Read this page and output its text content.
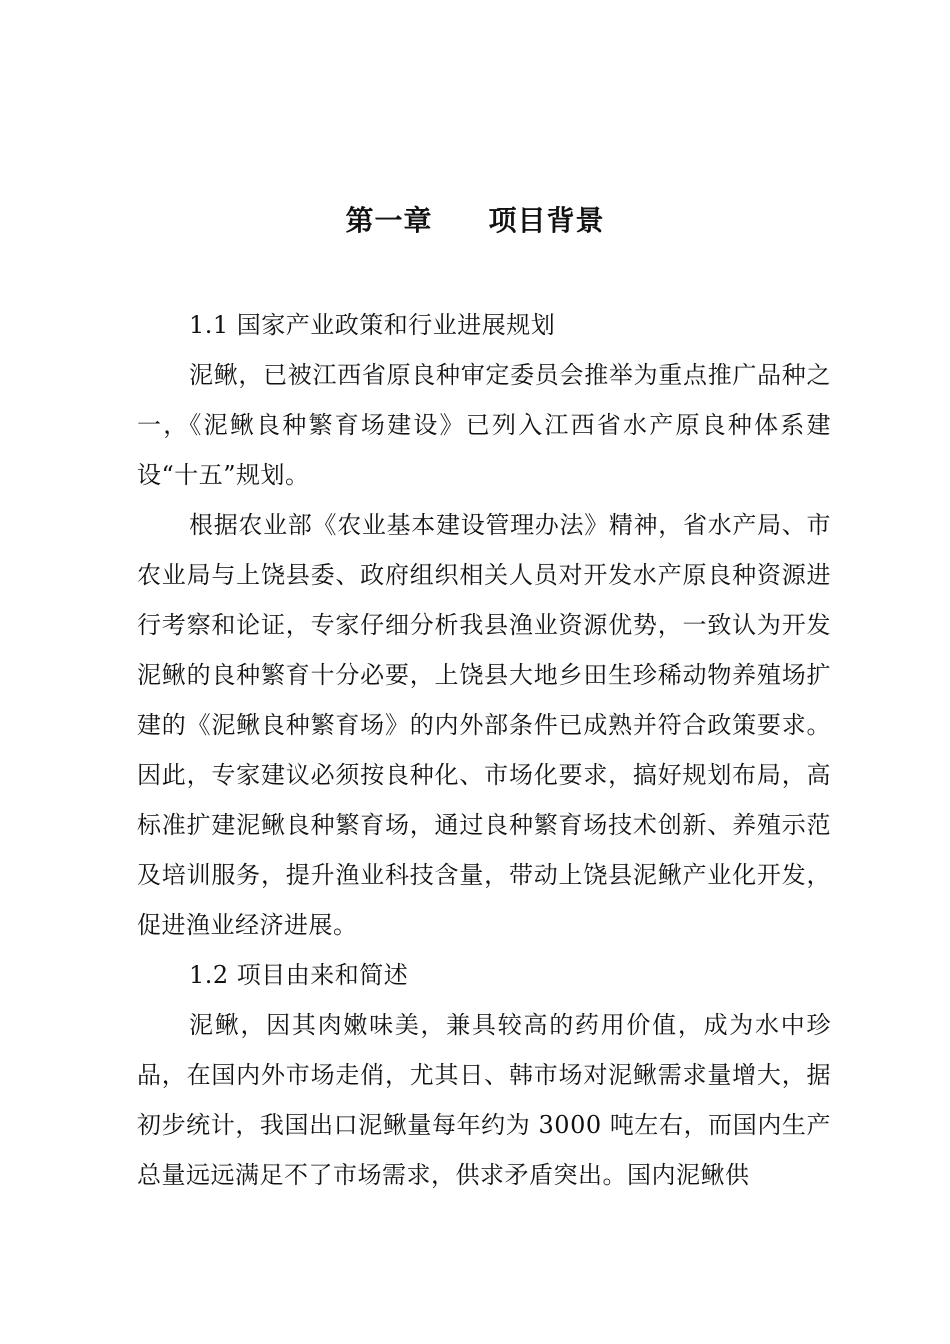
第一章 项目背景

1.1 国家产业政策和行业进展规划

泥鳅，已被江西省原良种审定委员会推举为重点推广品种之一，《泥鳅良种繁育场建设》已列入江西省水产原良种体系建设“十五”规划。

根据农业部《农业基本建设管理办法》精神，省水产局、市农业局与上饶县委、政府组织相关人员对开发水产原良种资源进行考察和论证，专家仔细分析我县渔业资源优势，一致认为开发泥鳅的良种繁育十分必要，上饶县大地乡田生珍稀动物养殖场扩建的《泥鳅良种繁育场》的内外部条件已成熟并符合政策要求。因此，专家建议必须按良种化、市场化要求，搞好规划布局，高标准扩建泥鳅良种繁育场，通过良种繁育场技术创新、养殖示范及培训服务，提升渔业科技含量，带动上饶县泥鳅产业化开发，促进渔业经济进展。

1.2 项目由来和简述

泥鳅，因其肉嫩味美，兼具较高的药用价值，成为水中珍品，在国内外市场走俏，尤其日、韩市场对泥鳅需求量增大，据初步统计，我国出口泥鳅量每年约为 3000 吨左右，而国内生产总量远远满足不了市场需求，供求矛盾突出。国内泥鳅供
